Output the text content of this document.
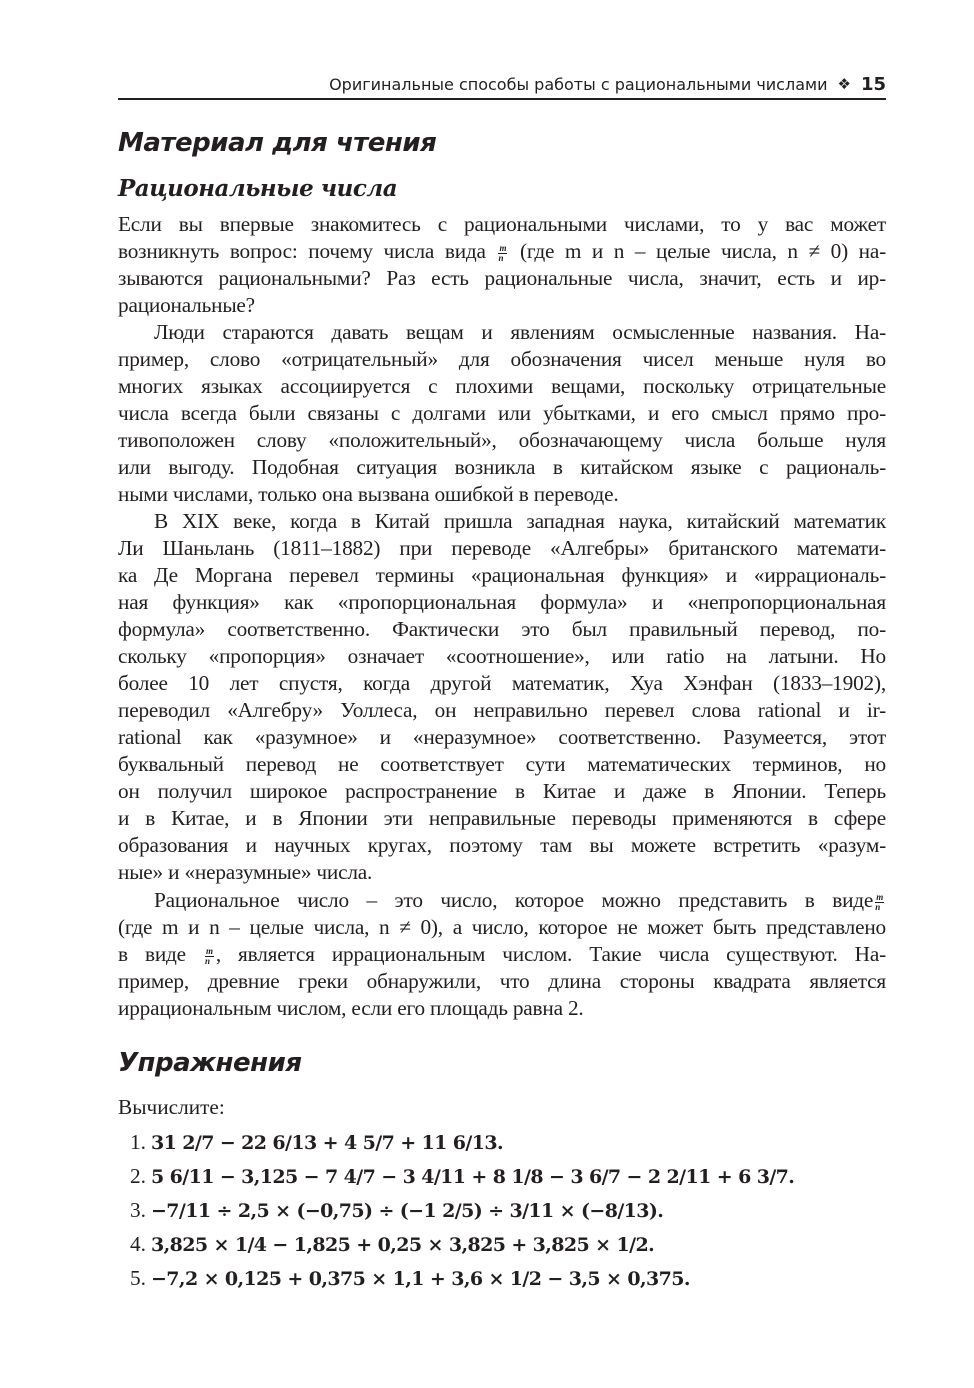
Оригинальные способы работы с рациональными числами ❖ 15
Материал для чтения
Рациональные числа
Если вы впервые знакомитесь с рациональными числами, то у вас может
возникнуть вопрос: почему числа вида $\frac{m}{n} (где$ m и n – целые числа, n ≠ 0) на-
зываются рациональными? Раз есть рациональные числа, значит, есть и ир-
рациональные?
Люди стараются давать вещам и явлениям осмысленные названия. На-
пример, слово «отрицательный» для обозначения чисел меньше нуля во
многих языках ассоциируется с плохими вещами, поскольку отрицательные
числа всегда были связаны с долгами или убытками, и его смысл прямо про-
тивоположен слову «положительный», обозначающему числа больше нуля
или выгоду. Подобная ситуация возникла в китайском языке с рациональ-
ными числами, только она вызвана ошибкой в переводе.
В XIX веке, когда в Китай пришла западная наука, китайский математик
Ли Шаньлань (1811–1882) при переводе «Алгебры» британского математи-
ка Де Моргана перевел термины «рациональная функция» и «иррациональ-
ная функция» как «пропорциональная формула» и «непропорциональная
формула» соответственно. Фактически это был правильный перевод, по-
скольку «пропорция» означает «соотношение», или ratio на латыни. Но
более 10 лет спустя, когда другой математик, Хуа Хэнфан (1833–1902),
переводил «Алгебру» Уоллеса, он неправильно перевел слова rational и ir-
rational как «разумное» и «неразумное» соответственно. Разумеется, этот
буквальный перевод не соответствует сути математических терминов, но
он получил широкое распространение в Китае и даже в Японии. Теперь
и в Китае, и в Японии эти неправильные переводы применяются в сфере
образования и научных кругах, поэтому там вы можете встретить «разум-
ные» и «неразумные» числа.
Рациональное число – это число, которое можно представить в виде $\frac{m}{n}$
(где m и n – целые числа, n ≠ 0), а число, которое не может быть представлено
в виде $\frac{m}{n}$ , является иррациональным числом. Такие числа существуют. На-
пример, древние греки обнаружили, что длина стороны квадрата является
иррациональным числом, если его площадь равна 2.
Упражнения
Вычислите:
1. 31 2/7 − 22 6/13 + 4 5/7 + 11 6/13.
2. 5 6/11 − 3,125 − 7 4/7 − 3 4/11 + 8 1/8 − 3 6/7 − 2 2/11 + 6 3/7.
3. −7/11 ÷ 2,5 × (−0,75) ÷ (−1 2/5) ÷ 3/11 × (−8/13).
4. 3,825 × 1/4 − 1,825 + 0,25 × 3,825 + 3,825 × 1/2.
5. −7,2 × 0,125 + 0,375 × 1,1 + 3,6 × 1/2 − 3,5 × 0,375.
